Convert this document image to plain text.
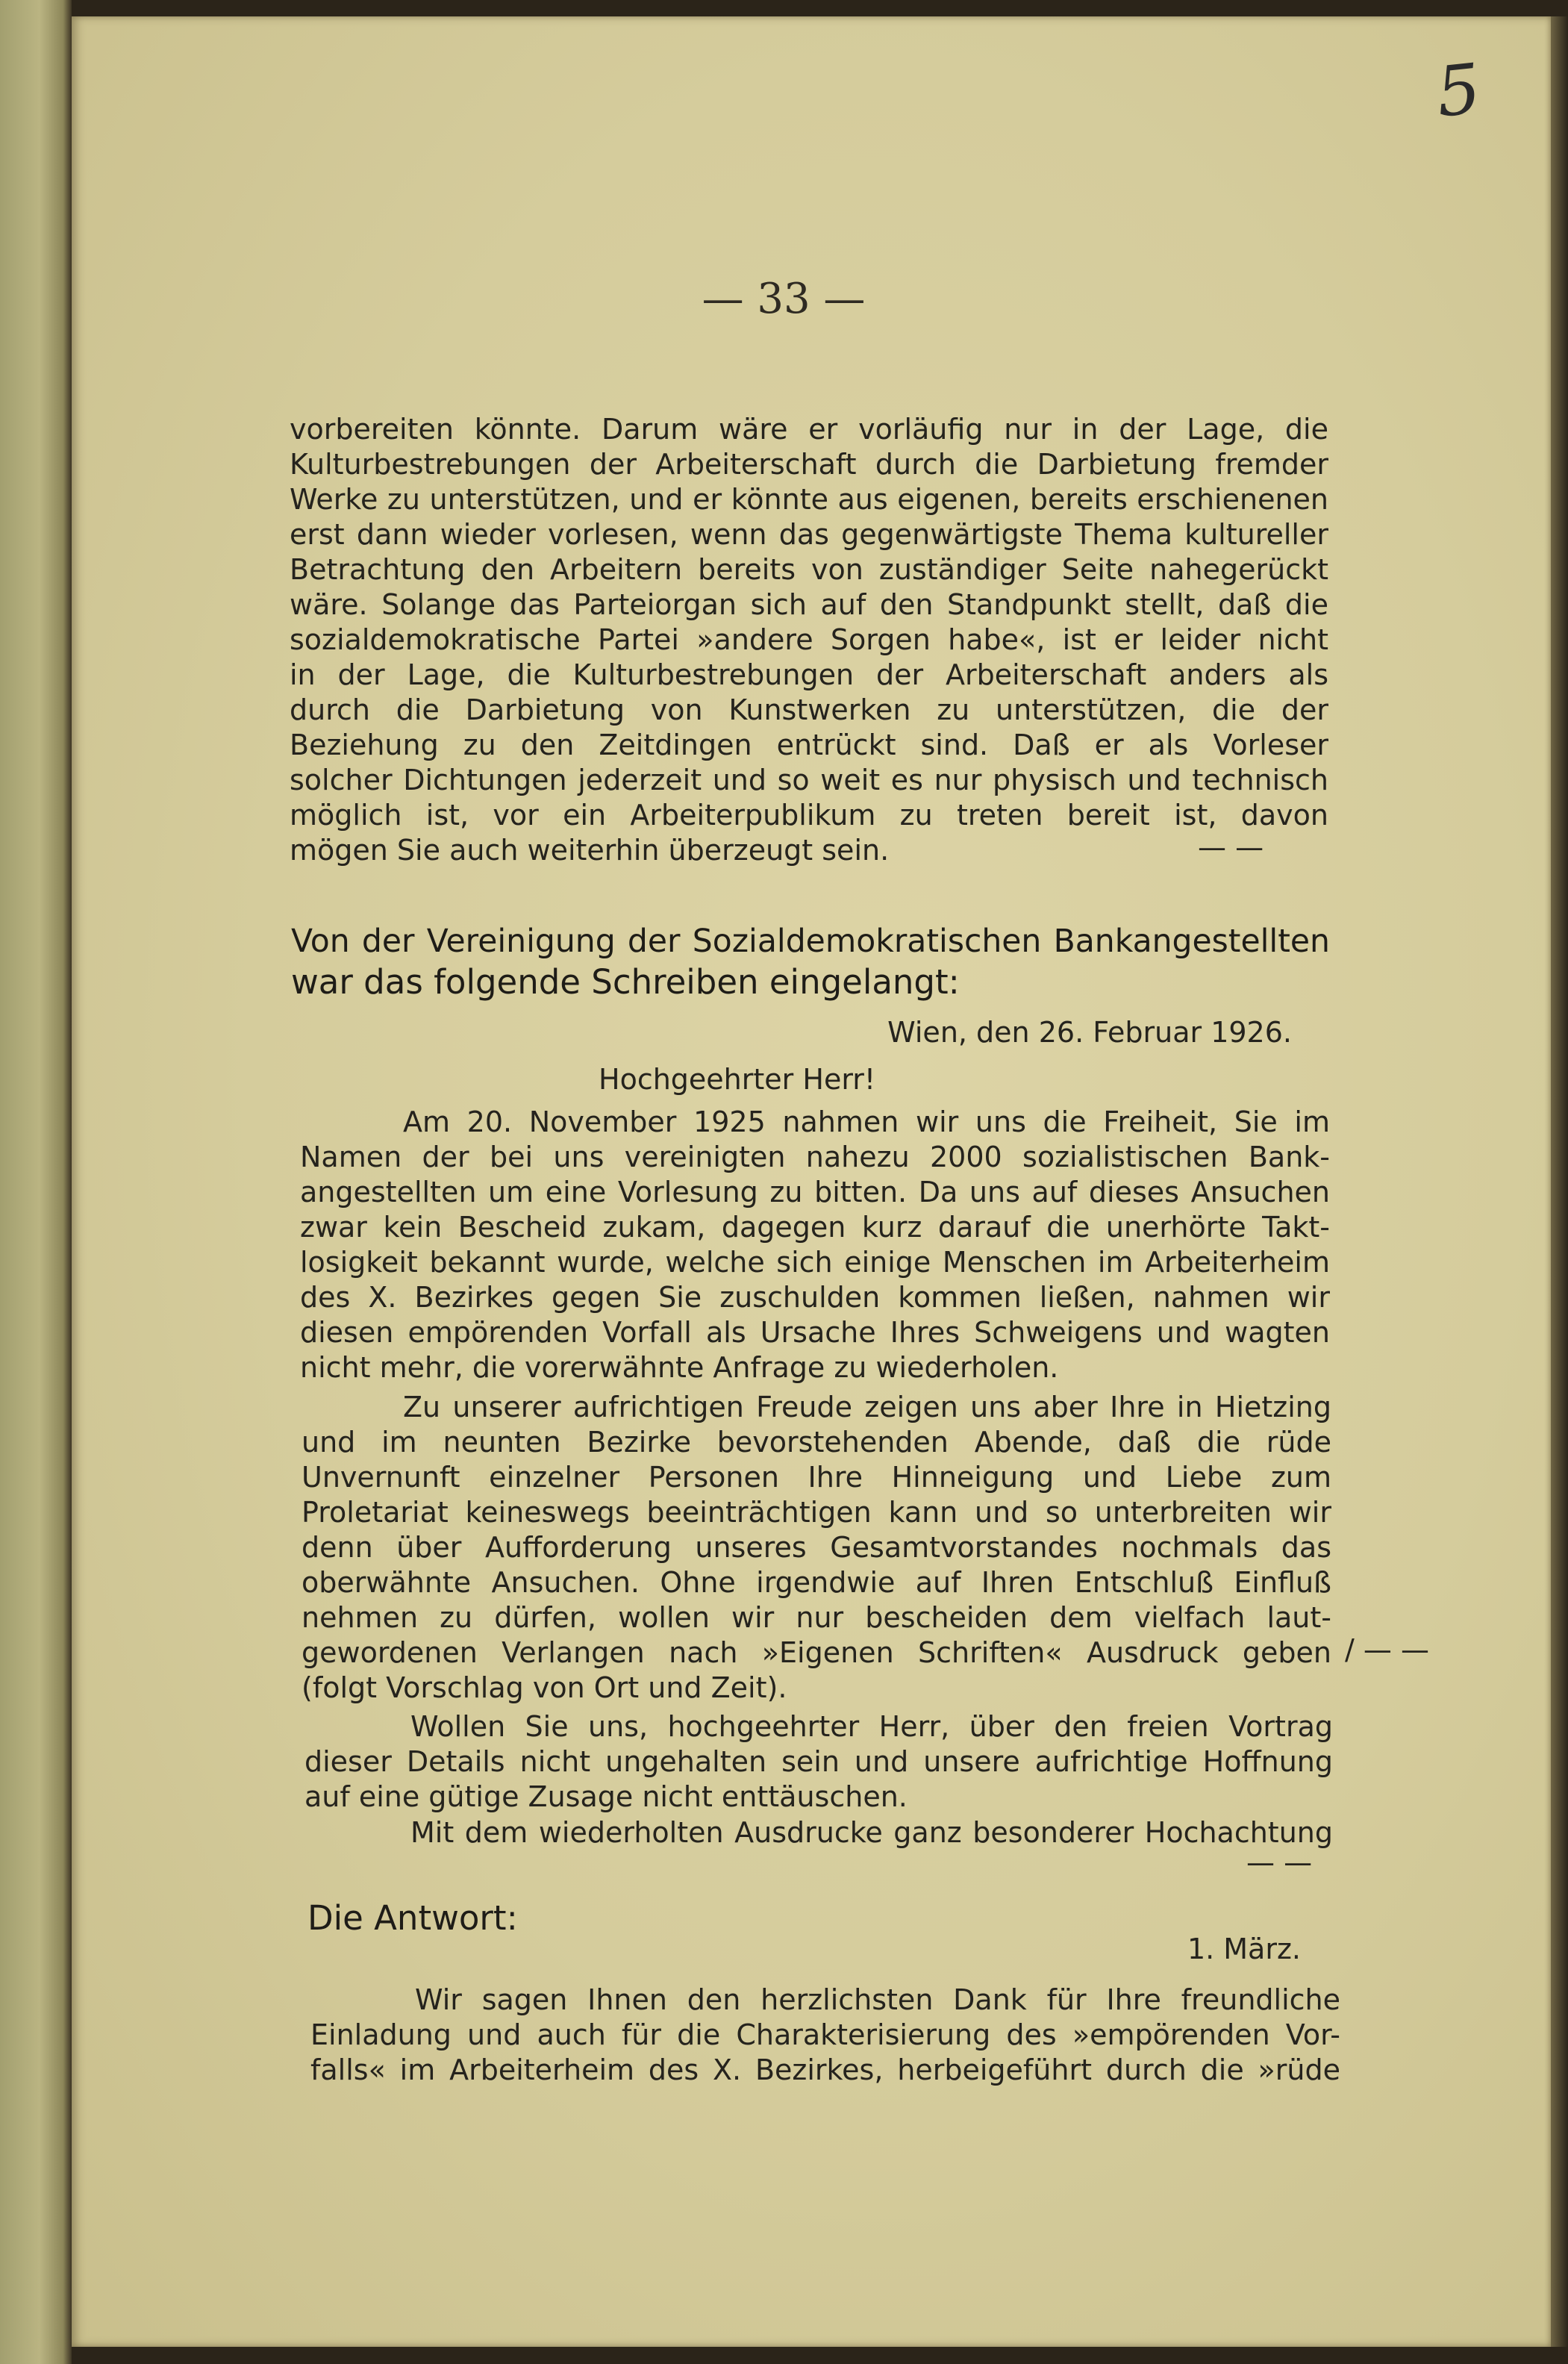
5
— 33 —
vorbereiten könnte. Darum wäre er vorläufig nur in der Lage, die
Kulturbestrebungen der Arbeiterschaft durch die Darbietung fremder
Werke zu unterstützen, und er könnte aus eigenen, bereits erschienenen
erst dann wieder vorlesen, wenn das gegenwärtigste Thema kultureller
Betrachtung den Arbeitern bereits von zuständiger Seite nahegerückt
wäre. Solange das Parteiorgan sich auf den Standpunkt stellt, daß die
sozialdemokratische Partei »andere Sorgen habe«, ist er leider nicht
in der Lage, die Kulturbestrebungen der Arbeiterschaft anders als
durch die Darbietung von Kunstwerken zu unterstützen, die der
Beziehung zu den Zeitdingen entrückt sind. Daß er als Vorleser
solcher Dichtungen jederzeit und so weit es nur physisch und technisch
möglich ist, vor ein Arbeiterpublikum zu treten bereit ist, davon
mögen Sie auch weiterhin überzeugt sein.	— —
Von der Vereinigung der Sozialdemokratischen Bankangestellten
war das folgende Schreiben eingelangt:
Wien, den 26. Februar 1926.
Hochgeehrter Herr!
Am 20. November 1925 nahmen wir uns die Freiheit, Sie im
Namen der bei uns vereinigten nahezu 2000 sozialistischen Bank-
angestellten um eine Vorlesung zu bitten. Da uns auf dieses Ansuchen
zwar kein Bescheid zukam, dagegen kurz darauf die unerhörte Takt-
losigkeit bekannt wurde, welche sich einige Menschen im Arbeiterheim
des X. Bezirkes gegen Sie zuschulden kommen ließen, nahmen wir
diesen empörenden Vorfall als Ursache Ihres Schweigens und wagten
nicht mehr, die vorerwähnte Anfrage zu wiederholen.
Zu unserer aufrichtigen Freude zeigen uns aber Ihre in Hietzing
und im neunten Bezirke bevorstehenden Abende, daß die rüde
Unvernunft einzelner Personen Ihre Hinneigung und Liebe zum
Proletariat keineswegs beeinträchtigen kann und so unterbreiten wir
denn über Aufforderung unseres Gesamtvorstandes nochmals das
oberwähnte Ansuchen. Ohne irgendwie auf Ihren Entschluß Einfluß
nehmen zu dürfen, wollen wir nur bescheiden dem vielfach laut-
gewordenen Verlangen nach »Eigenen Schriften« Ausdruck geben / — —
(folgt Vorschlag von Ort und Zeit).
Wollen Sie uns, hochgeehrter Herr, über den freien Vortrag
dieser Details nicht ungehalten sein und unsere aufrichtige Hoffnung
auf eine gütige Zusage nicht enttäuschen.
Mit dem wiederholten Ausdrucke ganz besonderer Hochachtung
— —
Die Antwort:
1. März.
Wir sagen Ihnen den herzlichsten Dank für Ihre freundliche
Einladung und auch für die Charakterisierung des »empörenden Vor-
falls« im Arbeiterheim des X. Bezirkes, herbeigeführt durch die »rüde
